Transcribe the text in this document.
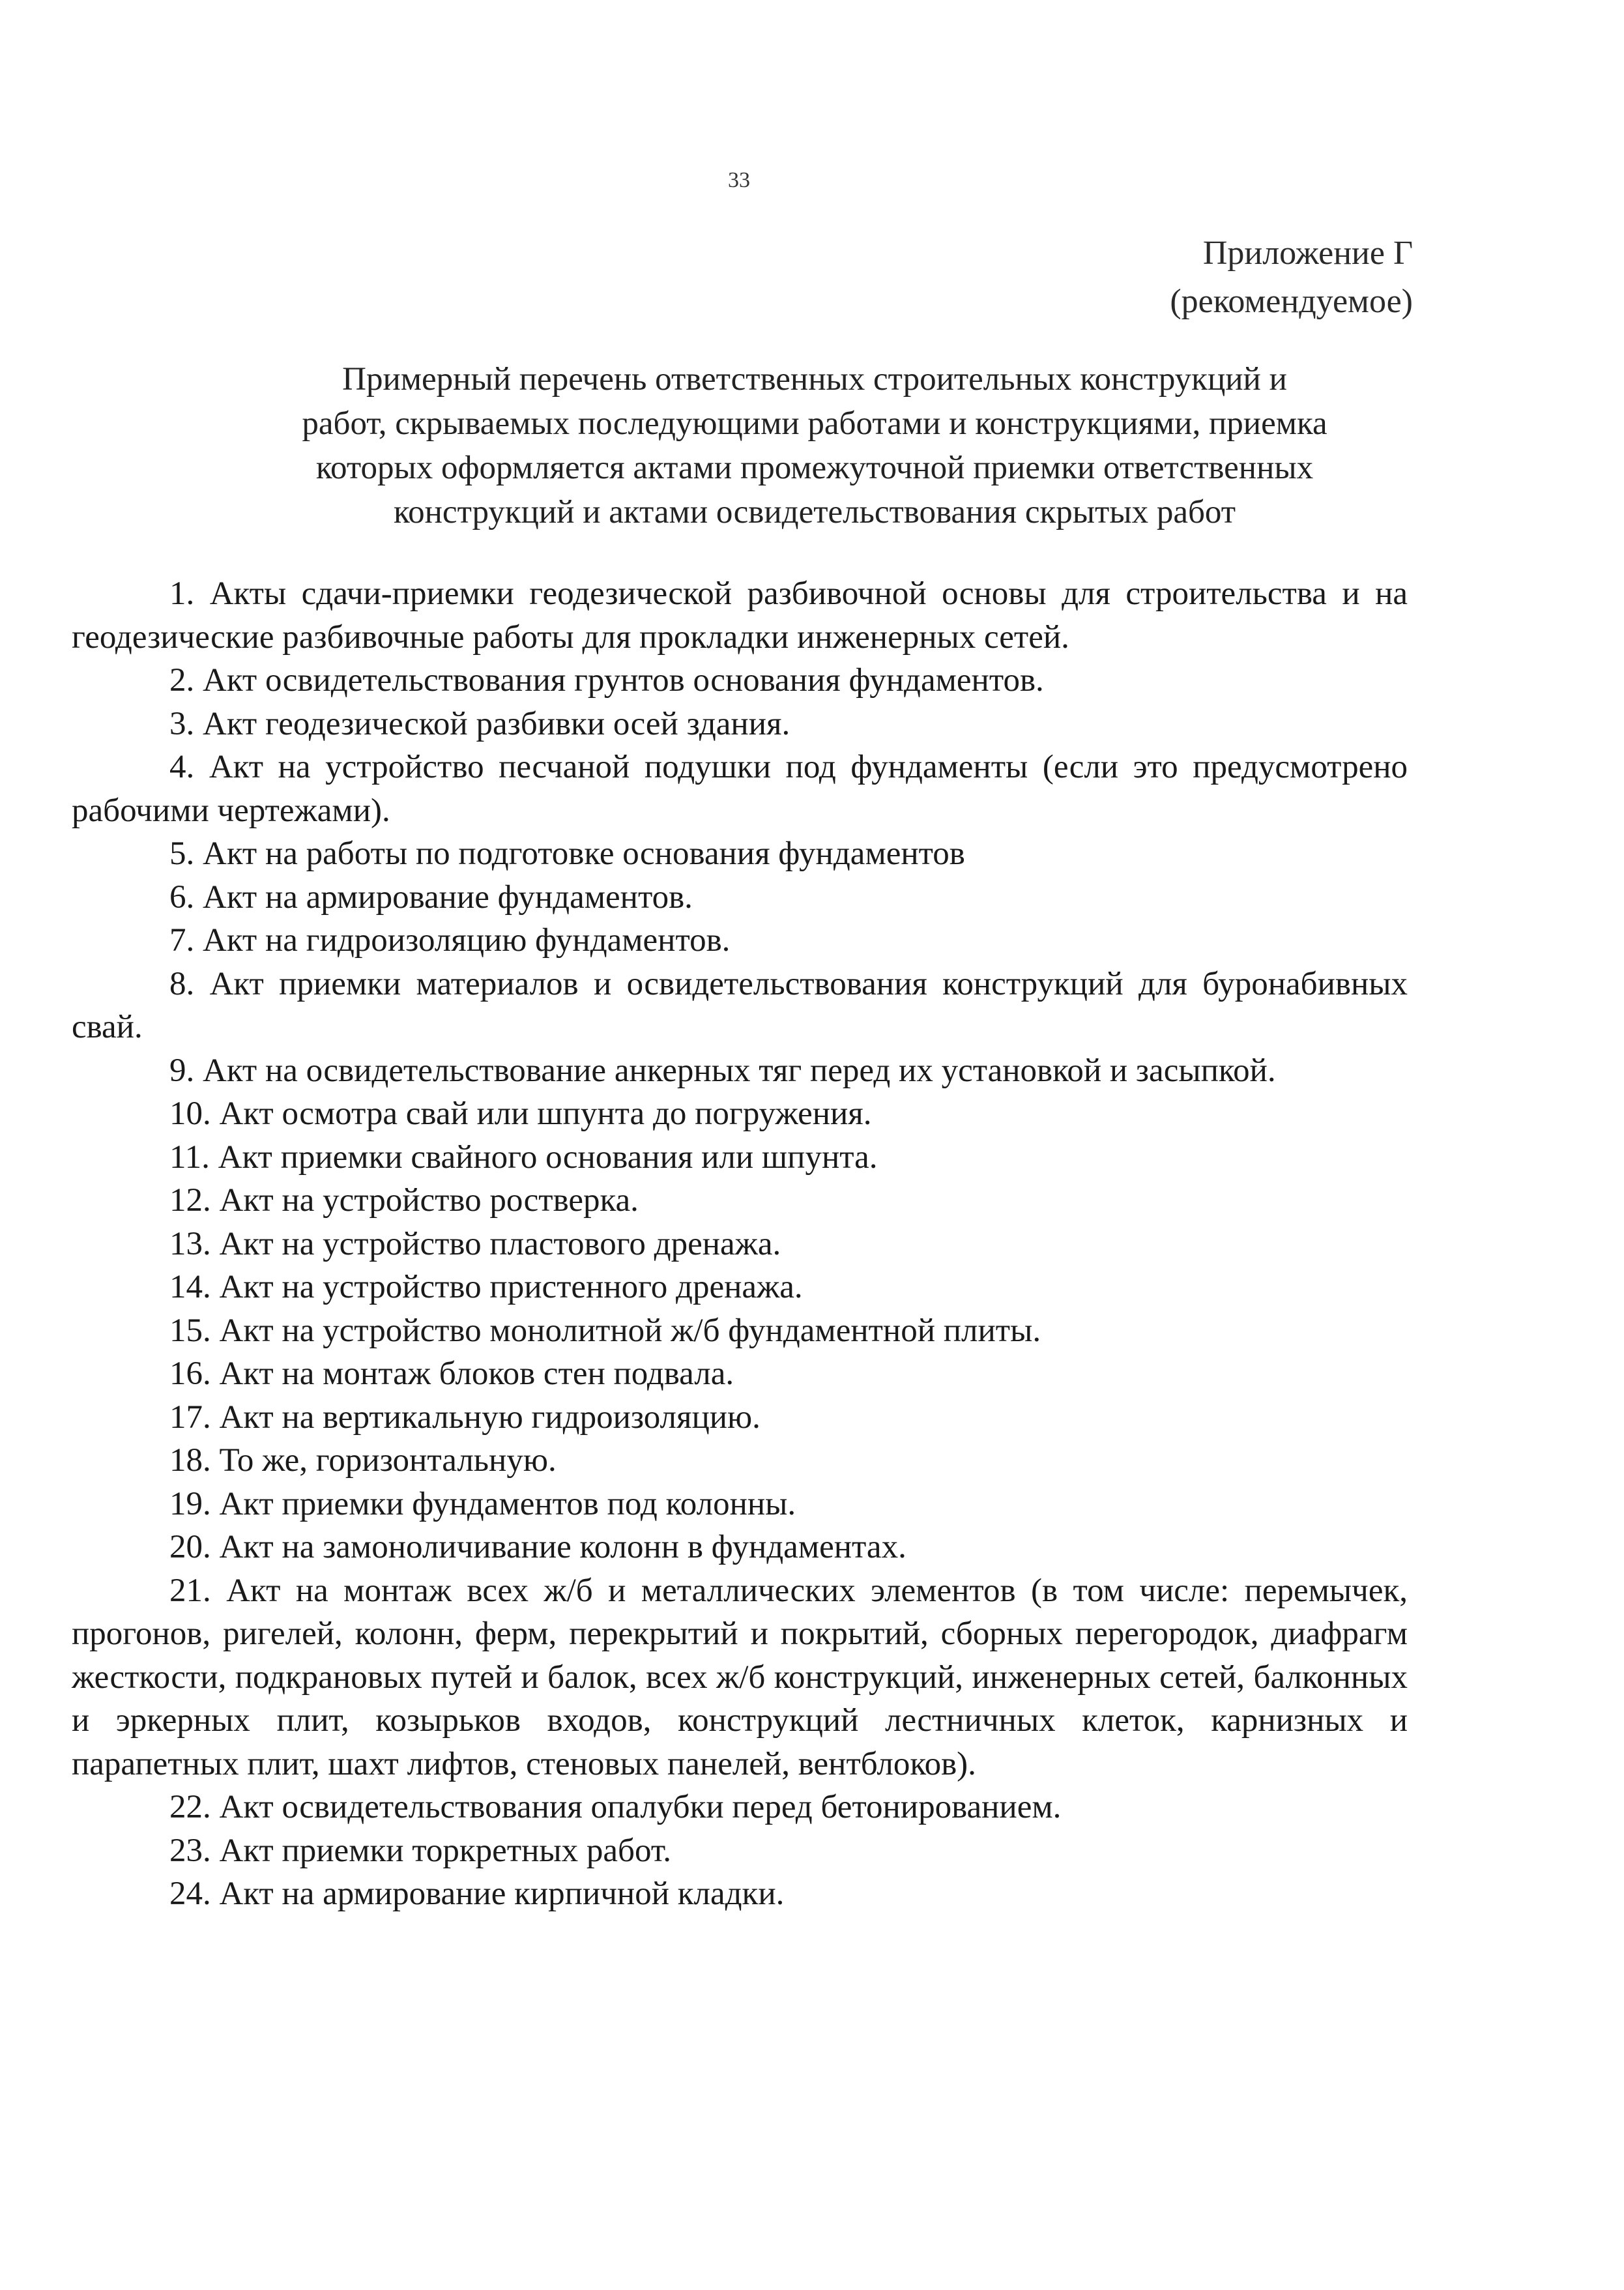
33
Приложение Г
(рекомендуемое)
Примерный перечень ответственных строительных конструкций и
работ, скрываемых последующими работами и конструкциями, приемка
которых оформляется актами промежуточной приемки ответственных
конструкций и актами освидетельствования скрытых работ

1. Акты сдачи-приемки геодезической разбивочной основы для строительства и на геодезические разбивочные работы для прокладки инженерных сетей.

2. Акт освидетельствования грунтов основания фундаментов.

3. Акт геодезической разбивки осей здания.

4. Акт на устройство песчаной подушки под фундаменты (если это предусмотрено рабочими чертежами).

5. Акт на работы по подготовке основания фундаментов

6. Акт на армирование фундаментов.

7. Акт на гидроизоляцию фундаментов.

8. Акт приемки материалов и освидетельствования конструкций для буронабивных свай.

9. Акт на освидетельствование анкерных тяг перед их установкой и засыпкой.

10. Акт осмотра свай или шпунта до погружения.

11. Акт приемки свайного основания или шпунта.

12. Акт на устройство ростверка.

13. Акт на устройство пластового дренажа.

14. Акт на устройство пристенного дренажа.

15. Акт на устройство монолитной ж/б фундаментной плиты.

16. Акт на монтаж блоков стен подвала.

17. Акт на вертикальную гидроизоляцию.

18. То же, горизонтальную.

19. Акт приемки фундаментов под колонны.

20. Акт на замоноличивание колонн в фундаментах.

21. Акт на монтаж всех ж/б и металлических элементов (в том числе: перемычек, прогонов, ригелей, колонн, ферм, перекрытий и покрытий, сборных перегородок, диафрагм жесткости, подкрановых путей и балок, всех ж/б конструкций, инженерных сетей, балконных и эркерных плит, козырьков входов, конструкций лестничных клеток, карнизных и парапетных плит, шахт лифтов, стеновых панелей, вентблоков).

22. Акт освидетельствования опалубки перед бетонированием.

23. Акт приемки торкретных работ.

24. Акт на армирование кирпичной кладки.
